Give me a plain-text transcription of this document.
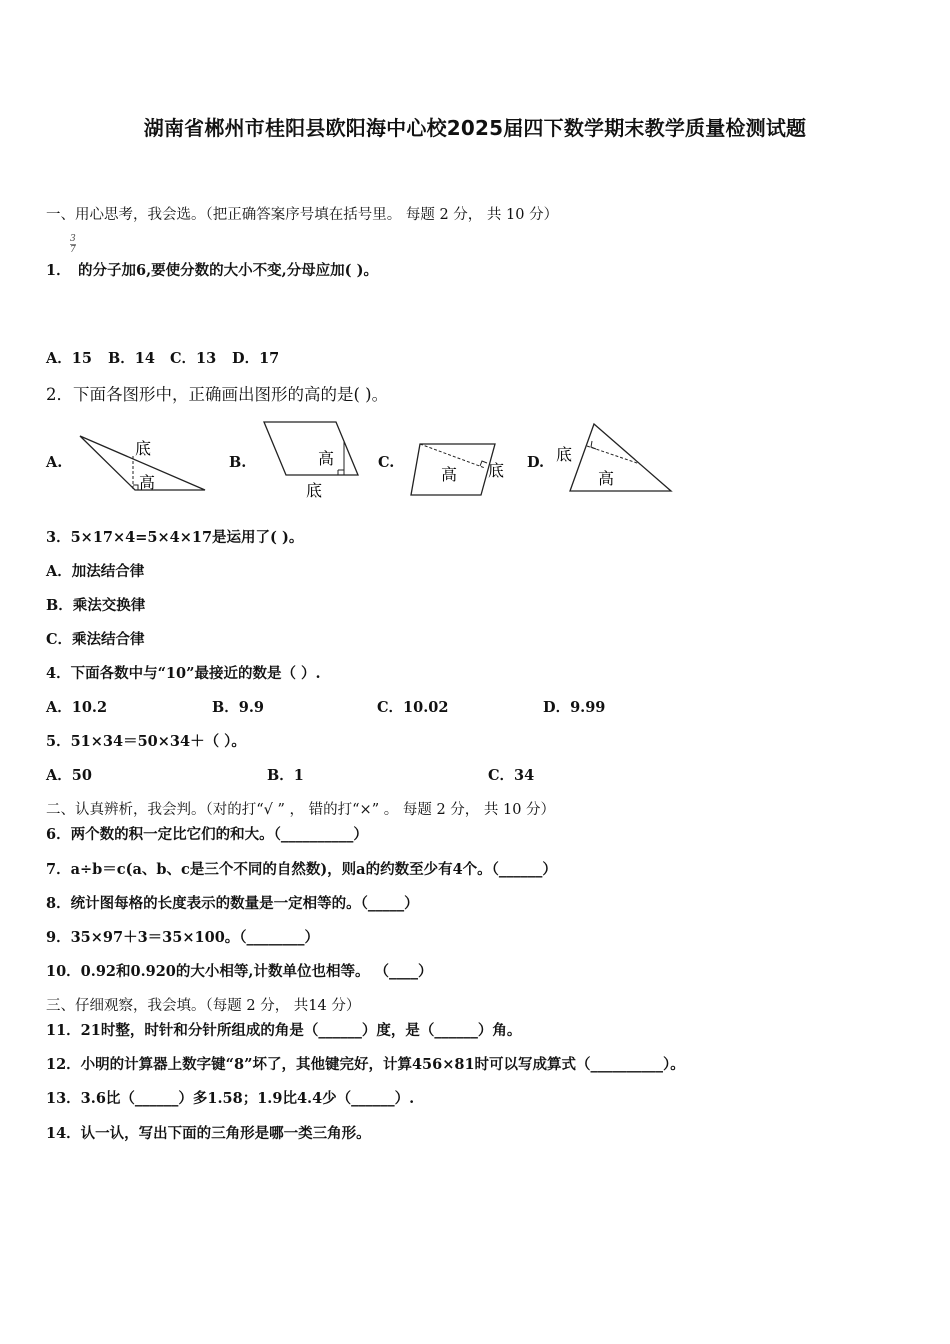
湖南省郴州市桂阳县欧阳海中心校2025届四下数学期末教学质量检测试题
一、用心思考，我会选。（把正确答案序号填在括号里。 每题 2 分， 共 10 分）
$\frac{3}{7}$
1． 的分子加6,要使分数的大小不变,分母应加( )。
A．15 B．14 C．13 D．17
2．下面各图形中，正确画出图形的高的是( )。
A.
底
高
B.	高
底
C.
高 底 D. 底
高
3．5×17×4=5×4×17是运用了( )。
A．加法结合律
B．乘法交换律
C．乘法结合律
4．下面各数中与“10”最接近的数是（ ）.
A．10.2	B．9.9	C．10.02	D．9.99
5．51×34＝50×34＋（ ）。
A．50	B．1	C．34
二、认真辨析，我会判。（对的打“√ ” ， 错的打“×” 。 每题 2 分， 共 10 分）
6．两个数的积一定比它们的和大。（__________）
7．a÷b＝c(a、b、c是三个不同的自然数)，则a的约数至少有4个。（______）
8．统计图每格的长度表示的数量是一定相等的。（_____）
9．35×97＋3＝35×100。（________）
10．0.92和0.920的大小相等,计数单位也相等。 （____）
三、仔细观察，我会填。（每题 2 分， 共14 分）
11．21时整，时针和分针所组成的角是（______）度，是（______）角。
12．小明的计算器上数字键“8”坏了，其他键完好，计算456×81时可以写成算式（__________）。
13．3.6比（______）多1.58；1.9比4.4少（______）.
14．认一认，写出下面的三角形是哪一类三角形。
